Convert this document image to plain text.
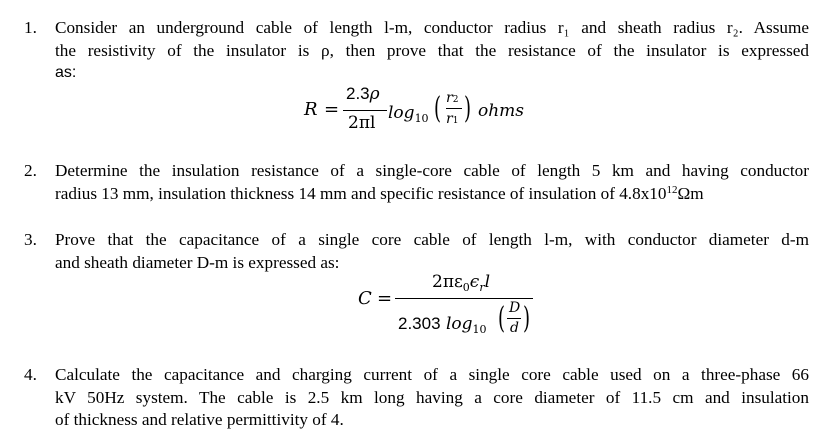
1.	Consider an underground cable of length l-m, conductor radius r₁ and sheath radius r₂. Assume
the resistivity of the insulator is ρ, then prove that the resistance of the insulator is expressed
as:
R =
2.3ρ
2πl $\log_{10}$ ( r2
r1 ) ohms
2.	Determine the insulation resistance of a single-core cable of length 5 km and having conductor
radius 13 mm, insulation thickness 14 mm and specific resistance of insulation of $4.8x10^{12}\Omega m$
3.	Prove that the capacitance of a single core cable of length l-m, with conductor diameter d-m
and sheath diameter D-m is expressed as:
C =
$2\pi\varepsilon_0\epsilon_rl$
2.303 $\log_{10}$ ( D
d )
4.	Calculate the capacitance and charging current of a single core cable used on a three-phase 66
kV 50Hz system. The cable is 2.5 km long having a core diameter of 11.5 cm and insulation
of thickness and relative permittivity of 4.
